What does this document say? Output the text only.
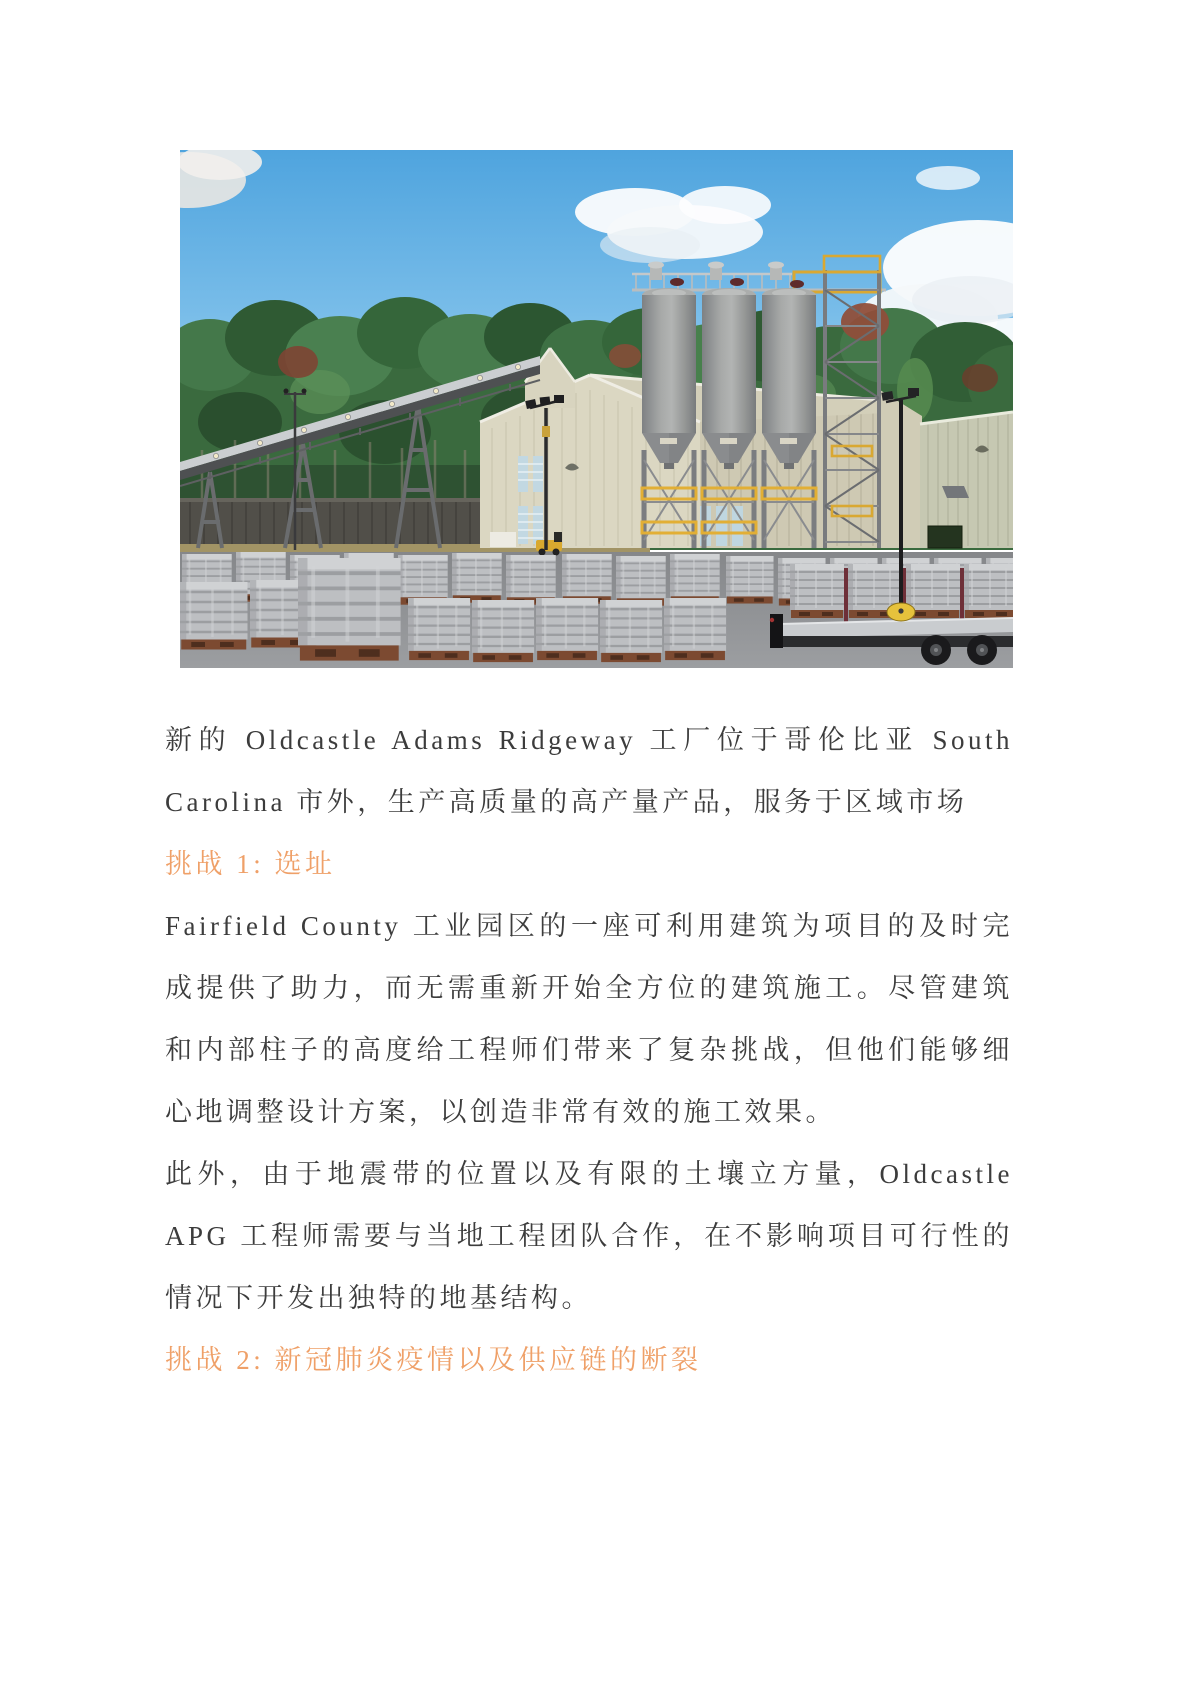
新的 Oldcastle Adams Ridgeway 工厂位于哥伦比亚 South Carolina 市外，生产高质量的高产量产品，服务于区域市场

挑战 1: 选址

Fairfield County 工业园区的一座可利用建筑为项目的及时完成提供了助力，而无需重新开始全方位的建筑施工。尽管建筑和内部柱子的高度给工程师们带来了复杂挑战，但他们能够细心地调整设计方案，以创造非常有效的施工效果。

此外，由于地震带的位置以及有限的土壤立方量，Oldcastle APG 工程师需要与当地工程团队合作，在不影响项目可行性的情况下开发出独特的地基结构。

挑战 2: 新冠肺炎疫情以及供应链的断裂
